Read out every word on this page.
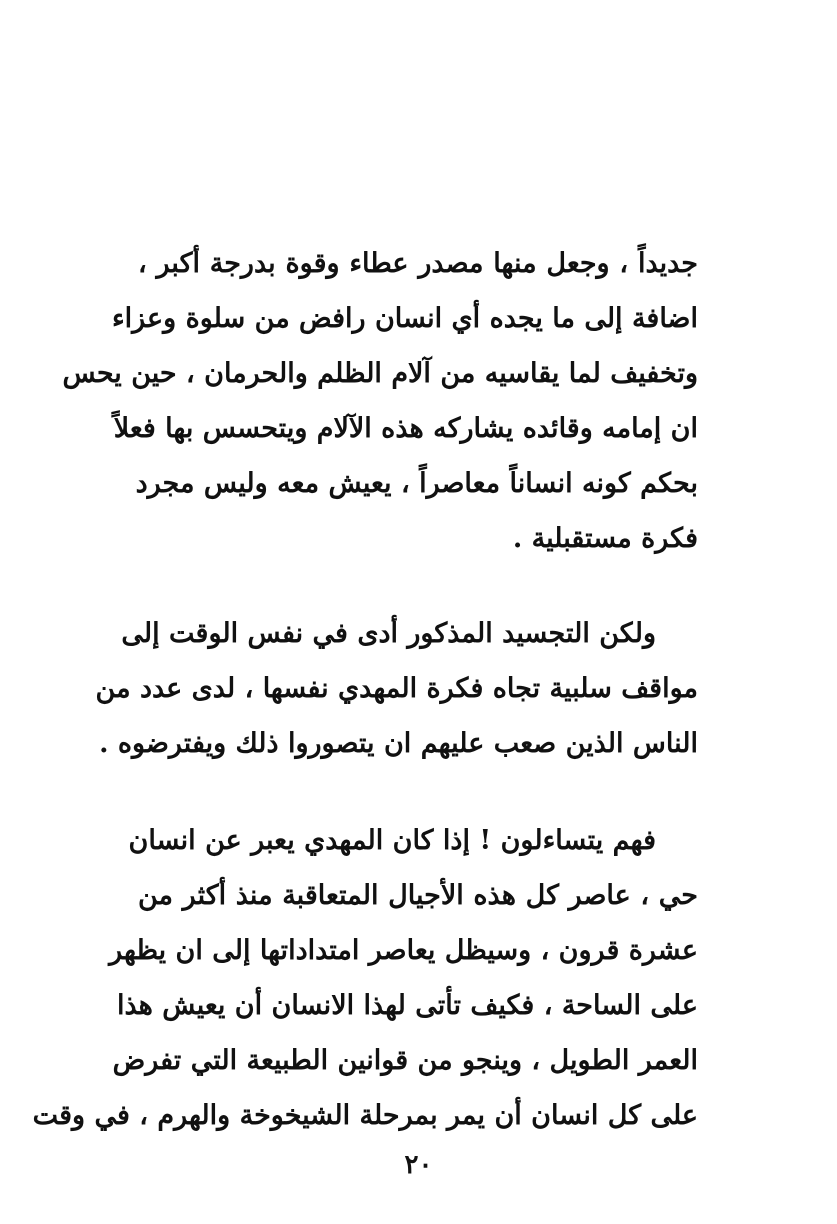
جديداً ، وجعل منها مصدر عطاء وقوة بدرجة أكبر ،
اضافة إلى ما يجده أي انسان رافض من سلوة وعزاء
وتخفيف لما يقاسيه من آلام الظلم والحرمان ، حين يحس
ان إمامه وقائده يشاركه هذه الآلام ويتحسس بها فعلاً
بحكم كونه انساناً معاصراً ، يعيش معه وليس مجرد
فكرة مستقبلية .
ولكن التجسيد المذكور أدى في نفس الوقت إلى
مواقف سلبية تجاه فكرة المهدي نفسها ، لدى عدد من
الناس الذين صعب عليهم ان يتصوروا ذلك ويفترضوه .
فهم يتساءلون ! إذا كان المهدي يعبر عن انسان
حي ، عاصر كل هذه الأجيال المتعاقبة منذ أكثر من
عشرة قرون ، وسيظل يعاصر امتداداتها إلى ان يظهر
على الساحة ، فكيف تأتى لهذا الانسان أن يعيش هذا
العمر الطويل ، وينجو من قوانين الطبيعة التي تفرض
على كل انسان أن يمر بمرحلة الشيخوخة والهرم ، في وقت
٢٠
